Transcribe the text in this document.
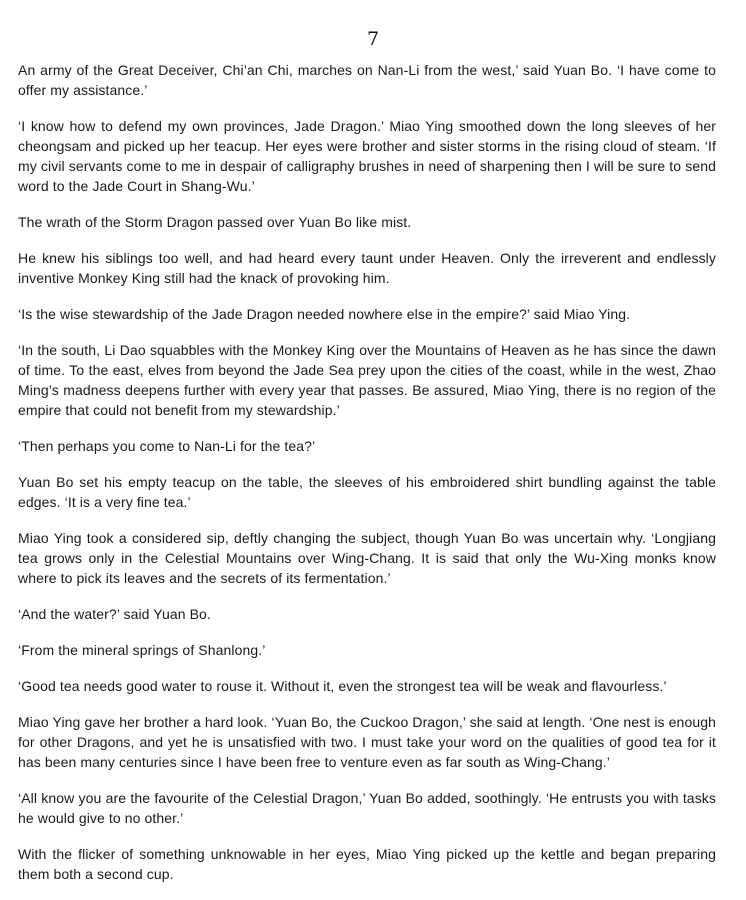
7

An army of the Great Deceiver, Chi’an Chi, marches on Nan-Li from the west,’ said Yuan Bo. ‘I have come to offer my assistance.’

‘I know how to defend my own provinces, Jade Dragon.’ Miao Ying smoothed down the long sleeves of her cheongsam and picked up her teacup. Her eyes were brother and sister storms in the rising cloud of steam. ‘If my civil servants come to me in despair of calligraphy brushes in need of sharpening then I will be sure to send word to the Jade Court in Shang-Wu.’

The wrath of the Storm Dragon passed over Yuan Bo like mist.

He knew his siblings too well, and had heard every taunt under Heaven. Only the irreverent and endlessly inventive Monkey King still had the knack of provoking him.

‘Is the wise stewardship of the Jade Dragon needed nowhere else in the empire?’ said Miao Ying.

‘In the south, Li Dao squabbles with the Monkey King over the Mountains of Heaven as he has since the dawn of time. To the east, elves from beyond the Jade Sea prey upon the cities of the coast, while in the west, Zhao Ming’s madness deepens further with every year that passes. Be assured, Miao Ying, there is no region of the empire that could not benefit from my stewardship.’

‘Then perhaps you come to Nan-Li for the tea?’

Yuan Bo set his empty teacup on the table, the sleeves of his embroidered shirt bundling against the table edges. ‘It is a very fine tea.’

Miao Ying took a considered sip, deftly changing the subject, though Yuan Bo was uncertain why. ‘Longjiang tea grows only in the Celestial Mountains over Wing-Chang. It is said that only the Wu-Xing monks know where to pick its leaves and the secrets of its fermentation.’

‘And the water?’ said Yuan Bo.

‘From the mineral springs of Shanlong.’

‘Good tea needs good water to rouse it. Without it, even the strongest tea will be weak and flavourless.’

Miao Ying gave her brother a hard look. ‘Yuan Bo, the Cuckoo Dragon,’ she said at length. ‘One nest is enough for other Dragons, and yet he is unsatisfied with two. I must take your word on the qualities of good tea for it has been many centuries since I have been free to venture even as far south as Wing-Chang.’

‘All know you are the favourite of the Celestial Dragon,’ Yuan Bo added, soothingly. ‘He entrusts you with tasks he would give to no other.’

With the flicker of something unknowable in her eyes, Miao Ying picked up the kettle and began preparing them both a second cup.
